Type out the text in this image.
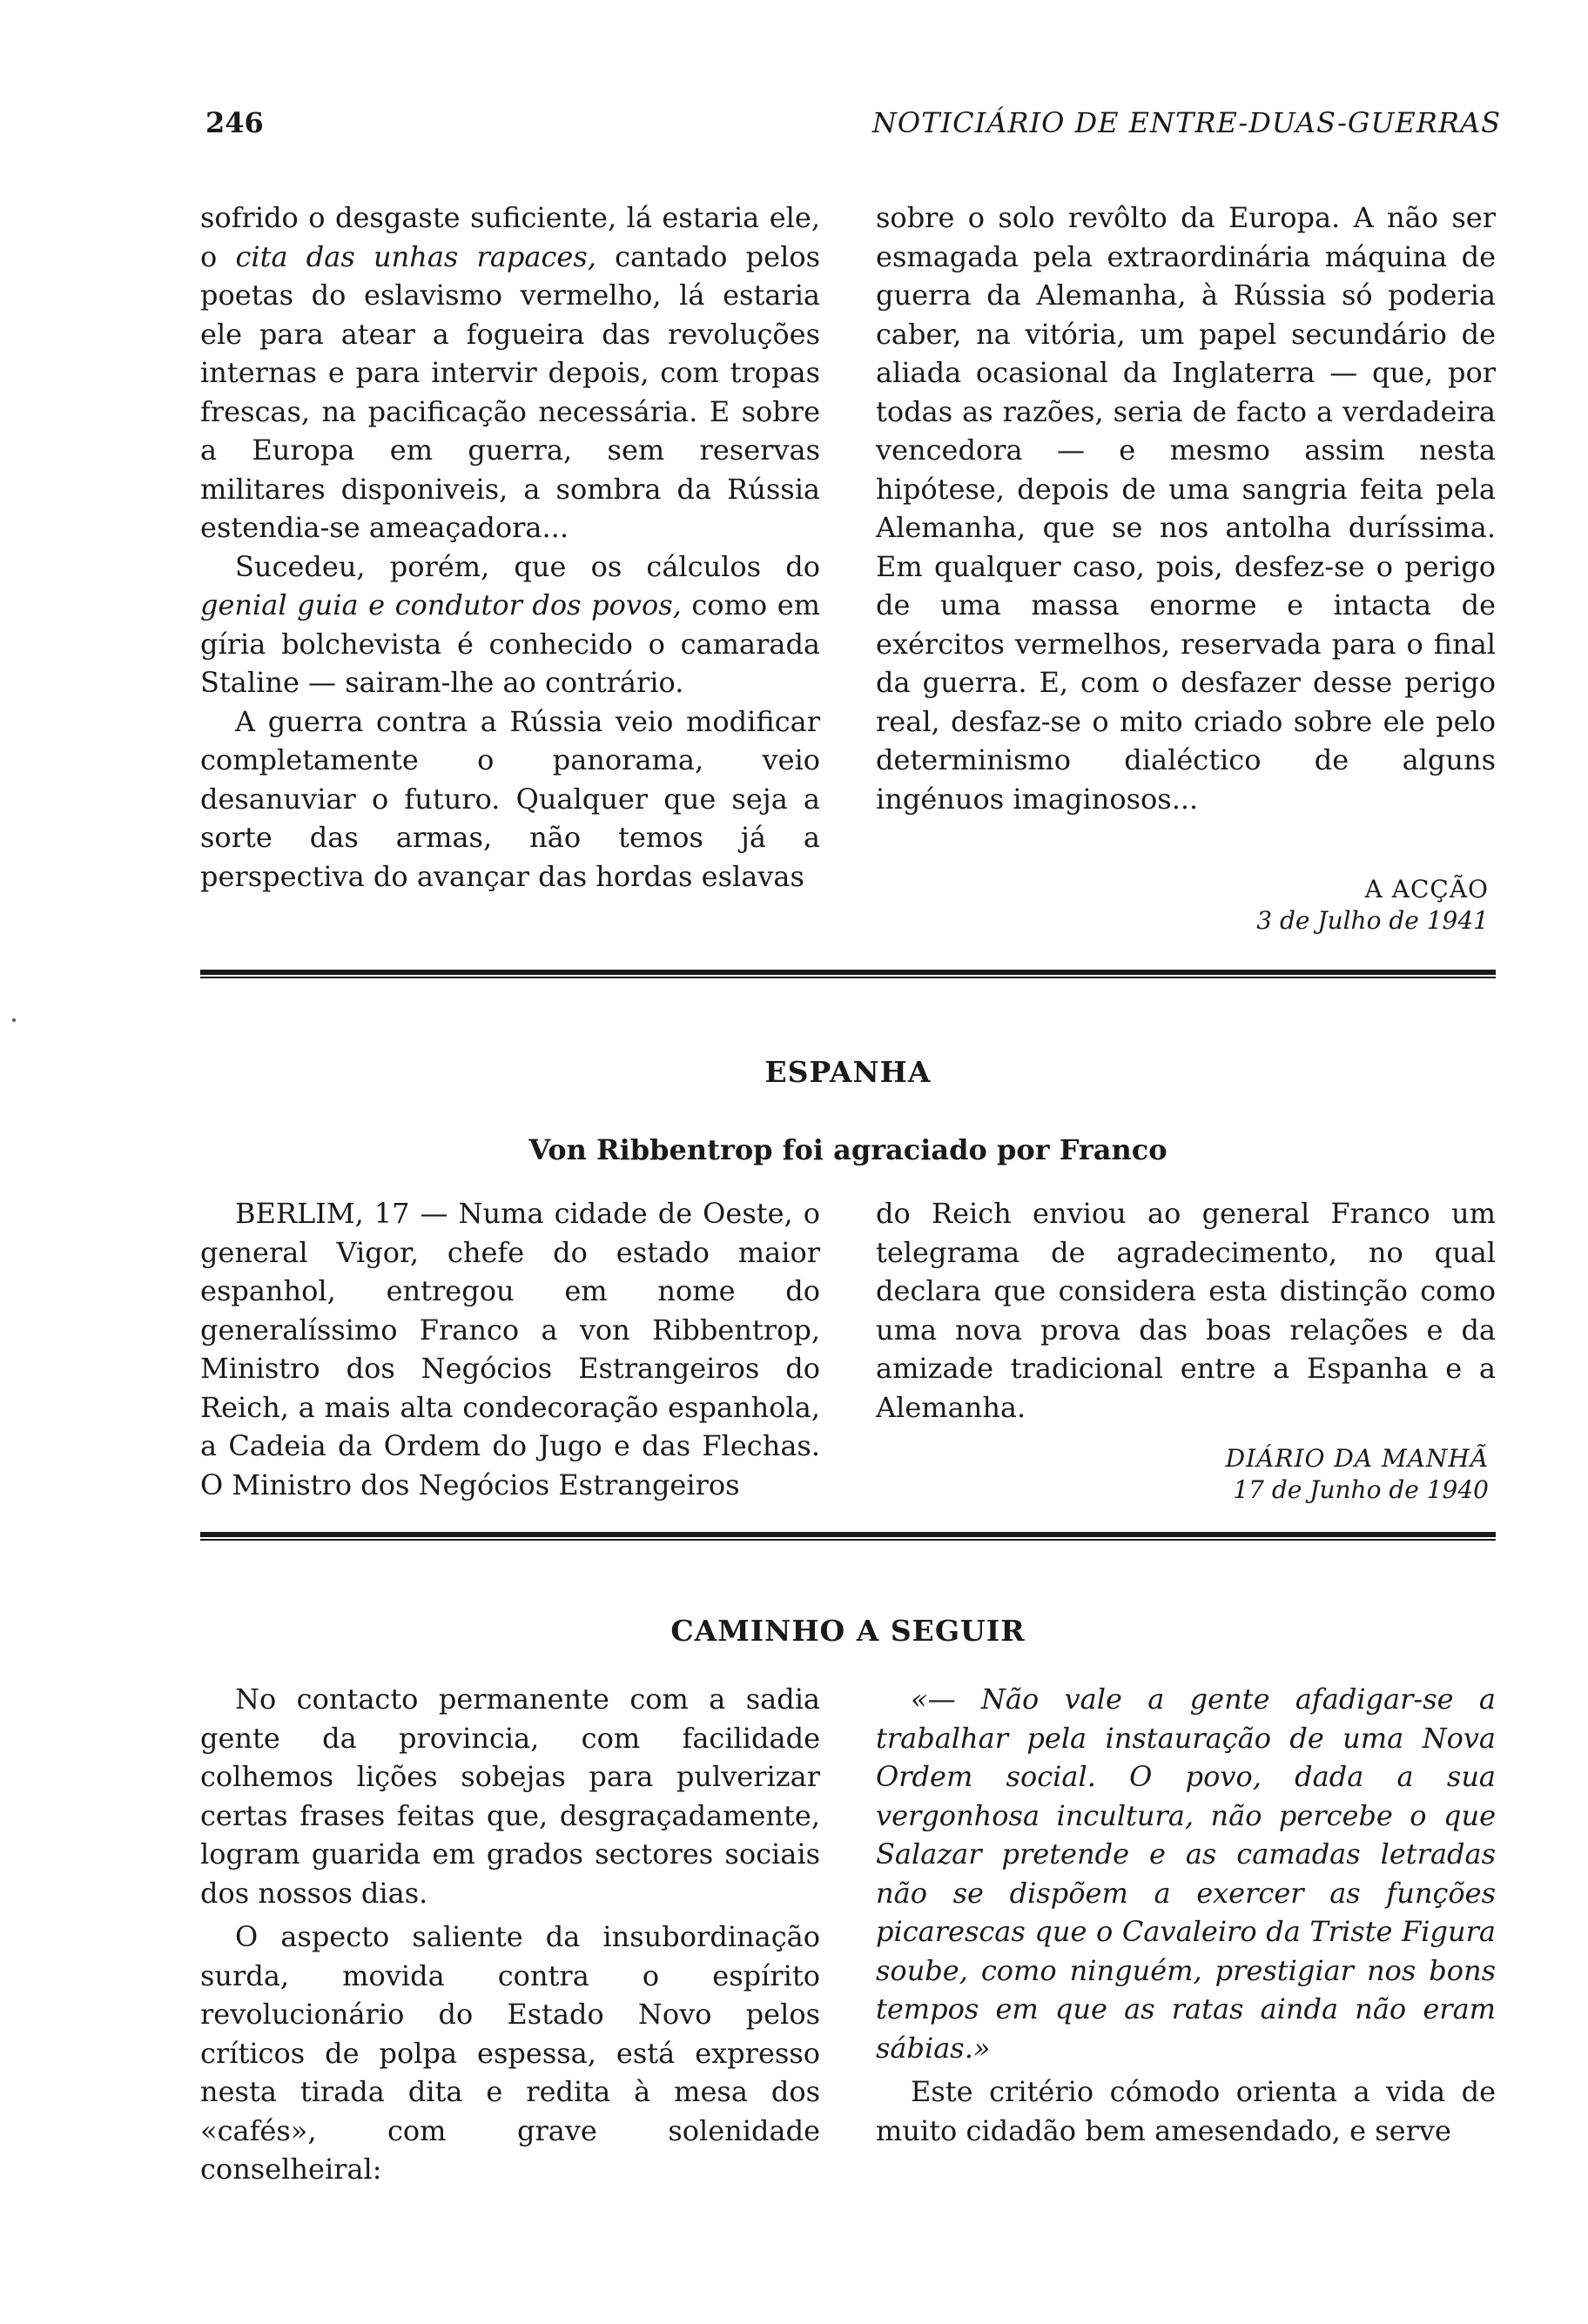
246	NOTICIÁRIO DE ENTRE-DUAS-GUERRAS

sofrido o desgaste suficiente, lá estaria ele, o cita das unhas rapaces, cantado pelos poetas do eslavismo vermelho, lá estaria ele para atear a fogueira das revoluções internas e para intervir depois, com tropas frescas, na pacificação necessária. E sobre a Europa em guerra, sem reservas militares disponiveis, a sombra da Rússia estendia-se ameaçadora...

Sucedeu, porém, que os cálculos do genial guia e condutor dos povos, como em gíria bolchevista é conhecido o camarada Staline — sairam-lhe ao contrário.

A guerra contra a Rússia veio modificar completamente o panorama, veio desanuviar o futuro. Qualquer que seja a sorte das armas, não temos já a perspectiva do avançar das hordas eslavas

sobre o solo revôlto da Europa. A não ser esmagada pela extraordinária máquina de guerra da Alemanha, à Rússia só poderia caber, na vitória, um papel secundário de aliada ocasional da Inglaterra — que, por todas as razões, seria de facto a verdadeira vencedora — e mesmo assim nesta hipótese, depois de uma sangria feita pela Alemanha, que se nos antolha duríssima. Em qualquer caso, pois, desfez-se o perigo de uma massa enorme e intacta de exércitos vermelhos, reservada para o final da guerra. E, com o desfazer desse perigo real, desfaz-se o mito criado sobre ele pelo determinismo dialéctico de alguns ingénuos imaginosos...

A ACÇÃO
3 de Julho de 1941
ESPANHA
Von Ribbentrop foi agraciado por Franco

BERLIM, 17 — Numa cidade de Oeste, o general Vigor, chefe do estado maior espanhol, entregou em nome do generalíssimo Franco a von Ribbentrop, Ministro dos Negócios Estrangeiros do Reich, a mais alta condecoração espanhola, a Cadeia da Ordem do Jugo e das Flechas. O Ministro dos Negócios Estrangeiros

do Reich enviou ao general Franco um telegrama de agradecimento, no qual declara que considera esta distinção como uma nova prova das boas relações e da amizade tradicional entre a Espanha e a Alemanha.

DIÁRIO DA MANHÃ
17 de Junho de 1940
CAMINHO A SEGUIR

No contacto permanente com a sadia gente da provincia, com facilidade colhemos lições sobejas para pulverizar certas frases feitas que, desgraçadamente, logram guarida em grados sectores sociais dos nossos dias.

O aspecto saliente da insubordinação surda, movida contra o espírito revolucionário do Estado Novo pelos críticos de polpa espessa, está expresso nesta tirada dita e redita à mesa dos «cafés», com grave solenidade conselheiral:

«— Não vale a gente afadigar-se a trabalhar pela instauração de uma Nova Ordem social. O povo, dada a sua vergonhosa incultura, não percebe o que Salazar pretende e as camadas letradas não se dispõem a exercer as funções picarescas que o Cavaleiro da Triste Figura soube, como ninguém, prestigiar nos bons tempos em que as ratas ainda não eram sábias.»

Este critério cómodo orienta a vida de muito cidadão bem amesendado, e serve
